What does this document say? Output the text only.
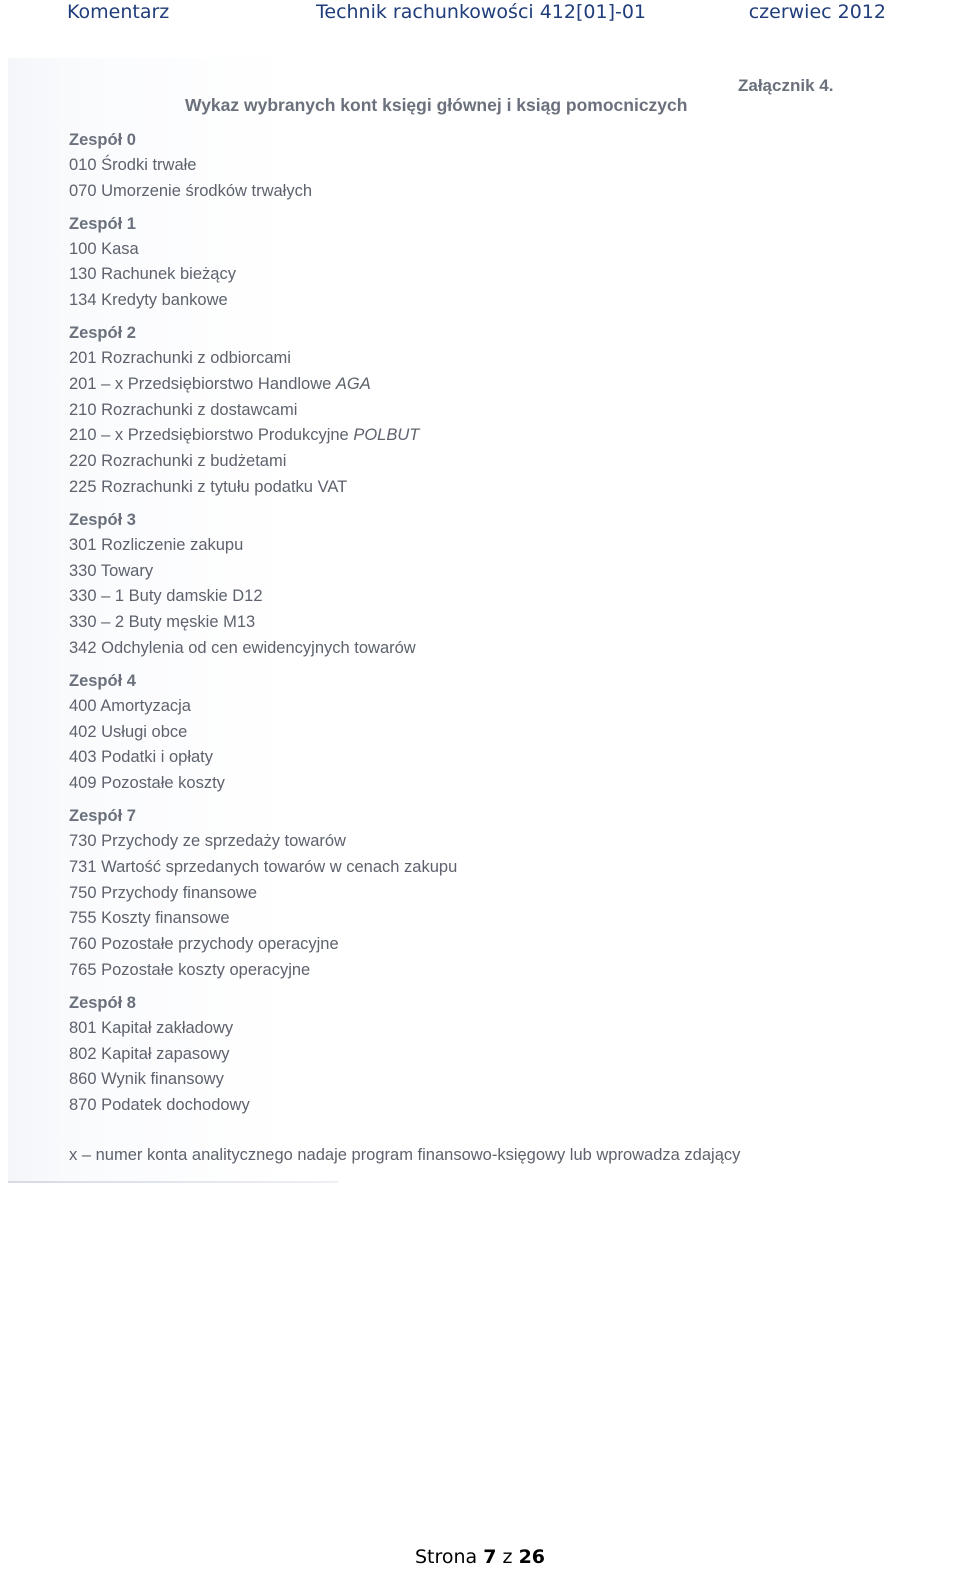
Komentarz	Technik rachunkowości 412[01]-01	czerwiec 2012
Załącznik 4.
Wykaz wybranych kont księgi głównej i ksiąg pomocniczych
Zespół 0
010 Środki trwałe
070 Umorzenie środków trwałych
Zespół 1
100 Kasa
130 Rachunek bieżący
134 Kredyty bankowe
Zespół 2
201 Rozrachunki z odbiorcami
201 – x Przedsiębiorstwo Handlowe AGA
210 Rozrachunki z dostawcami
210 – x Przedsiębiorstwo Produkcyjne POLBUT
220 Rozrachunki z budżetami
225 Rozrachunki z tytułu podatku VAT
Zespół 3
301 Rozliczenie zakupu
330 Towary
330 – 1 Buty damskie D12
330 – 2 Buty męskie M13
342 Odchylenia od cen ewidencyjnych towarów
Zespół 4
400 Amortyzacja
402 Usługi obce
403 Podatki i opłaty
409 Pozostałe koszty
Zespół 7
730 Przychody ze sprzedaży towarów
731 Wartość sprzedanych towarów w cenach zakupu
750 Przychody finansowe
755 Koszty finansowe
760 Pozostałe przychody operacyjne
765 Pozostałe koszty operacyjne
Zespół 8
801 Kapitał zakładowy
802 Kapitał zapasowy
860 Wynik finansowy
870 Podatek dochodowy
x – numer konta analitycznego nadaje program finansowo-księgowy lub wprowadza zdający
Strona 7 z 26
